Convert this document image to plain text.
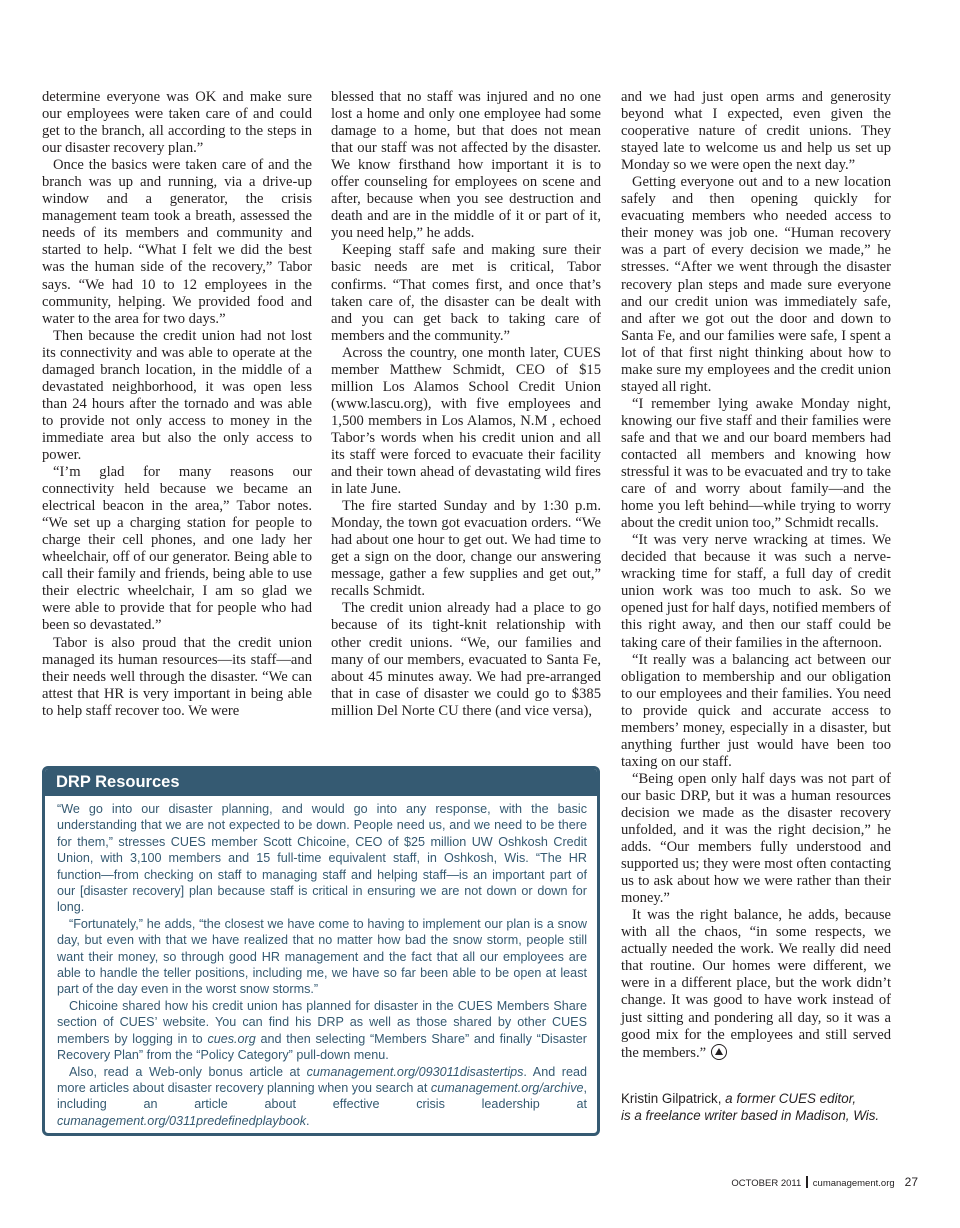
determine everyone was OK and make sure our employees were taken care of and could get to the branch, all according to the steps in our disaster recovery plan.”

Once the basics were taken care of and the branch was up and running, via a drive-up window and a generator, the crisis management team took a breath, assessed the needs of its members and community and started to help. “What I felt we did the best was the human side of the recovery,” Tabor says. “We had 10 to 12 employees in the community, helping. We provided food and water to the area for two days.”

Then because the credit union had not lost its connectivity and was able to operate at the damaged branch location, in the middle of a devastated neighborhood, it was open less than 24 hours after the tornado and was able to provide not only access to money in the immediate area but also the only access to power.

“I’m glad for many reasons our connectivity held because we became an electrical beacon in the area,” Tabor notes. “We set up a charging station for people to charge their cell phones, and one lady her wheelchair, off of our generator. Being able to call their family and friends, being able to use their electric wheelchair, I am so glad we were able to provide that for people who had been so devastated.”

Tabor is also proud that the credit union managed its human resources—its staff—and their needs well through the disaster. “We can attest that HR is very important in being able to help staff recover too. We were

blessed that no staff was injured and no one lost a home and only one employee had some damage to a home, but that does not mean that our staff was not affected by the disaster. We know firsthand how important it is to offer counseling for employees on scene and after, because when you see destruction and death and are in the middle of it or part of it, you need help,” he adds.

Keeping staff safe and making sure their basic needs are met is critical, Tabor confirms. “That comes first, and once that’s taken care of, the disaster can be dealt with and you can get back to taking care of members and the community.”

Across the country, one month later, CUES member Matthew Schmidt, CEO of $15 million Los Alamos School Credit Union (www.lascu.org), with five employees and 1,500 members in Los Alamos, N.M , echoed Tabor’s words when his credit union and all its staff were forced to evacuate their facility and their town ahead of devastating wild fires in late June.

The fire started Sunday and by 1:30 p.m. Monday, the town got evacuation orders. “We had about one hour to get out. We had time to get a sign on the door, change our answering message, gather a few supplies and get out,” recalls Schmidt.

The credit union already had a place to go because of its tight-knit relationship with other credit unions. “We, our families and many of our members, evacuated to Santa Fe, about 45 minutes away. We had pre-arranged that in case of disaster we could go to $385 million Del Norte CU there (and vice versa),

and we had just open arms and generosity beyond what I expected, even given the cooperative nature of credit unions. They stayed late to welcome us and help us set up Monday so we were open the next day.”

Getting everyone out and to a new location safely and then opening quickly for evacuating members who needed access to their money was job one. “Human recovery was a part of every decision we made,” he stresses. “After we went through the disaster recovery plan steps and made sure everyone and our credit union was immediately safe, and after we got out the door and down to Santa Fe, and our families were safe, I spent a lot of that first night thinking about how to make sure my employees and the credit union stayed all right.

“I remember lying awake Monday night, knowing our five staff and their families were safe and that we and our board members had contacted all members and knowing how stressful it was to be evacuated and try to take care of and worry about family—and the home you left behind—while trying to worry about the credit union too,” Schmidt recalls.

“It was very nerve wracking at times. We decided that because it was such a nerve-wracking time for staff, a full day of credit union work was too much to ask. So we opened just for half days, notified members of this right away, and then our staff could be taking care of their families in the afternoon.

“It really was a balancing act between our obligation to membership and our obligation to our employees and their families. You need to provide quick and accurate access to members’ money, especially in a disaster, but anything further just would have been too taxing on our staff.

“Being open only half days was not part of our basic DRP, but it was a human resources decision we made as the disaster recovery unfolded, and it was the right decision,” he adds. “Our members fully understood and supported us; they were most often contacting us to ask about how we were rather than their money.”

It was the right balance, he adds, because with all the chaos, “in some respects, we actually needed the work. We really did need that routine. Our homes were different, we were in a different place, but the work didn’t change. It was good to have work instead of just sitting and pondering all day, so it was a good mix for the employees and still served the members.”

Kristin Gilpatrick, a former CUES editor,
is a freelance writer based in Madison, Wis.
DRP Resources

“We go into our disaster planning, and would go into any response, with the basic understanding that we are not expected to be down. People need us, and we need to be there for them,” stresses CUES member Scott Chicoine, CEO of $25 million UW Oshkosh Credit Union, with 3,100 members and 15 full-time equivalent staff, in Oshkosh, Wis. “The HR function—from checking on staff to managing staff and helping staff—is an important part of our [disaster recovery] plan because staff is critical in ensuring we are not down or down for long.

“Fortunately,” he adds, “the closest we have come to having to implement our plan is a snow day, but even with that we have realized that no matter how bad the snow storm, people still want their money, so through good HR management and the fact that all our employees are able to handle the teller positions, including me, we have so far been able to be open at least part of the day even in the worst snow storms.”

Chicoine shared how his credit union has planned for disaster in the CUES Members Share section of CUES’ website. You can find his DRP as well as those shared by other CUES members by logging in to cues.org and then selecting “Members Share” and finally “Disaster Recovery Plan” from the “Policy Category” pull-down menu.

Also, read a Web-only bonus article at cumanagement.org/093011disastertips. And read more articles about disaster recovery planning when you search at cumanagement.org/archive, including an article about effective crisis leadership at cumanagement.org/0311predefinedplaybook.

OCTOBER 2011 cumanagement.org 27
